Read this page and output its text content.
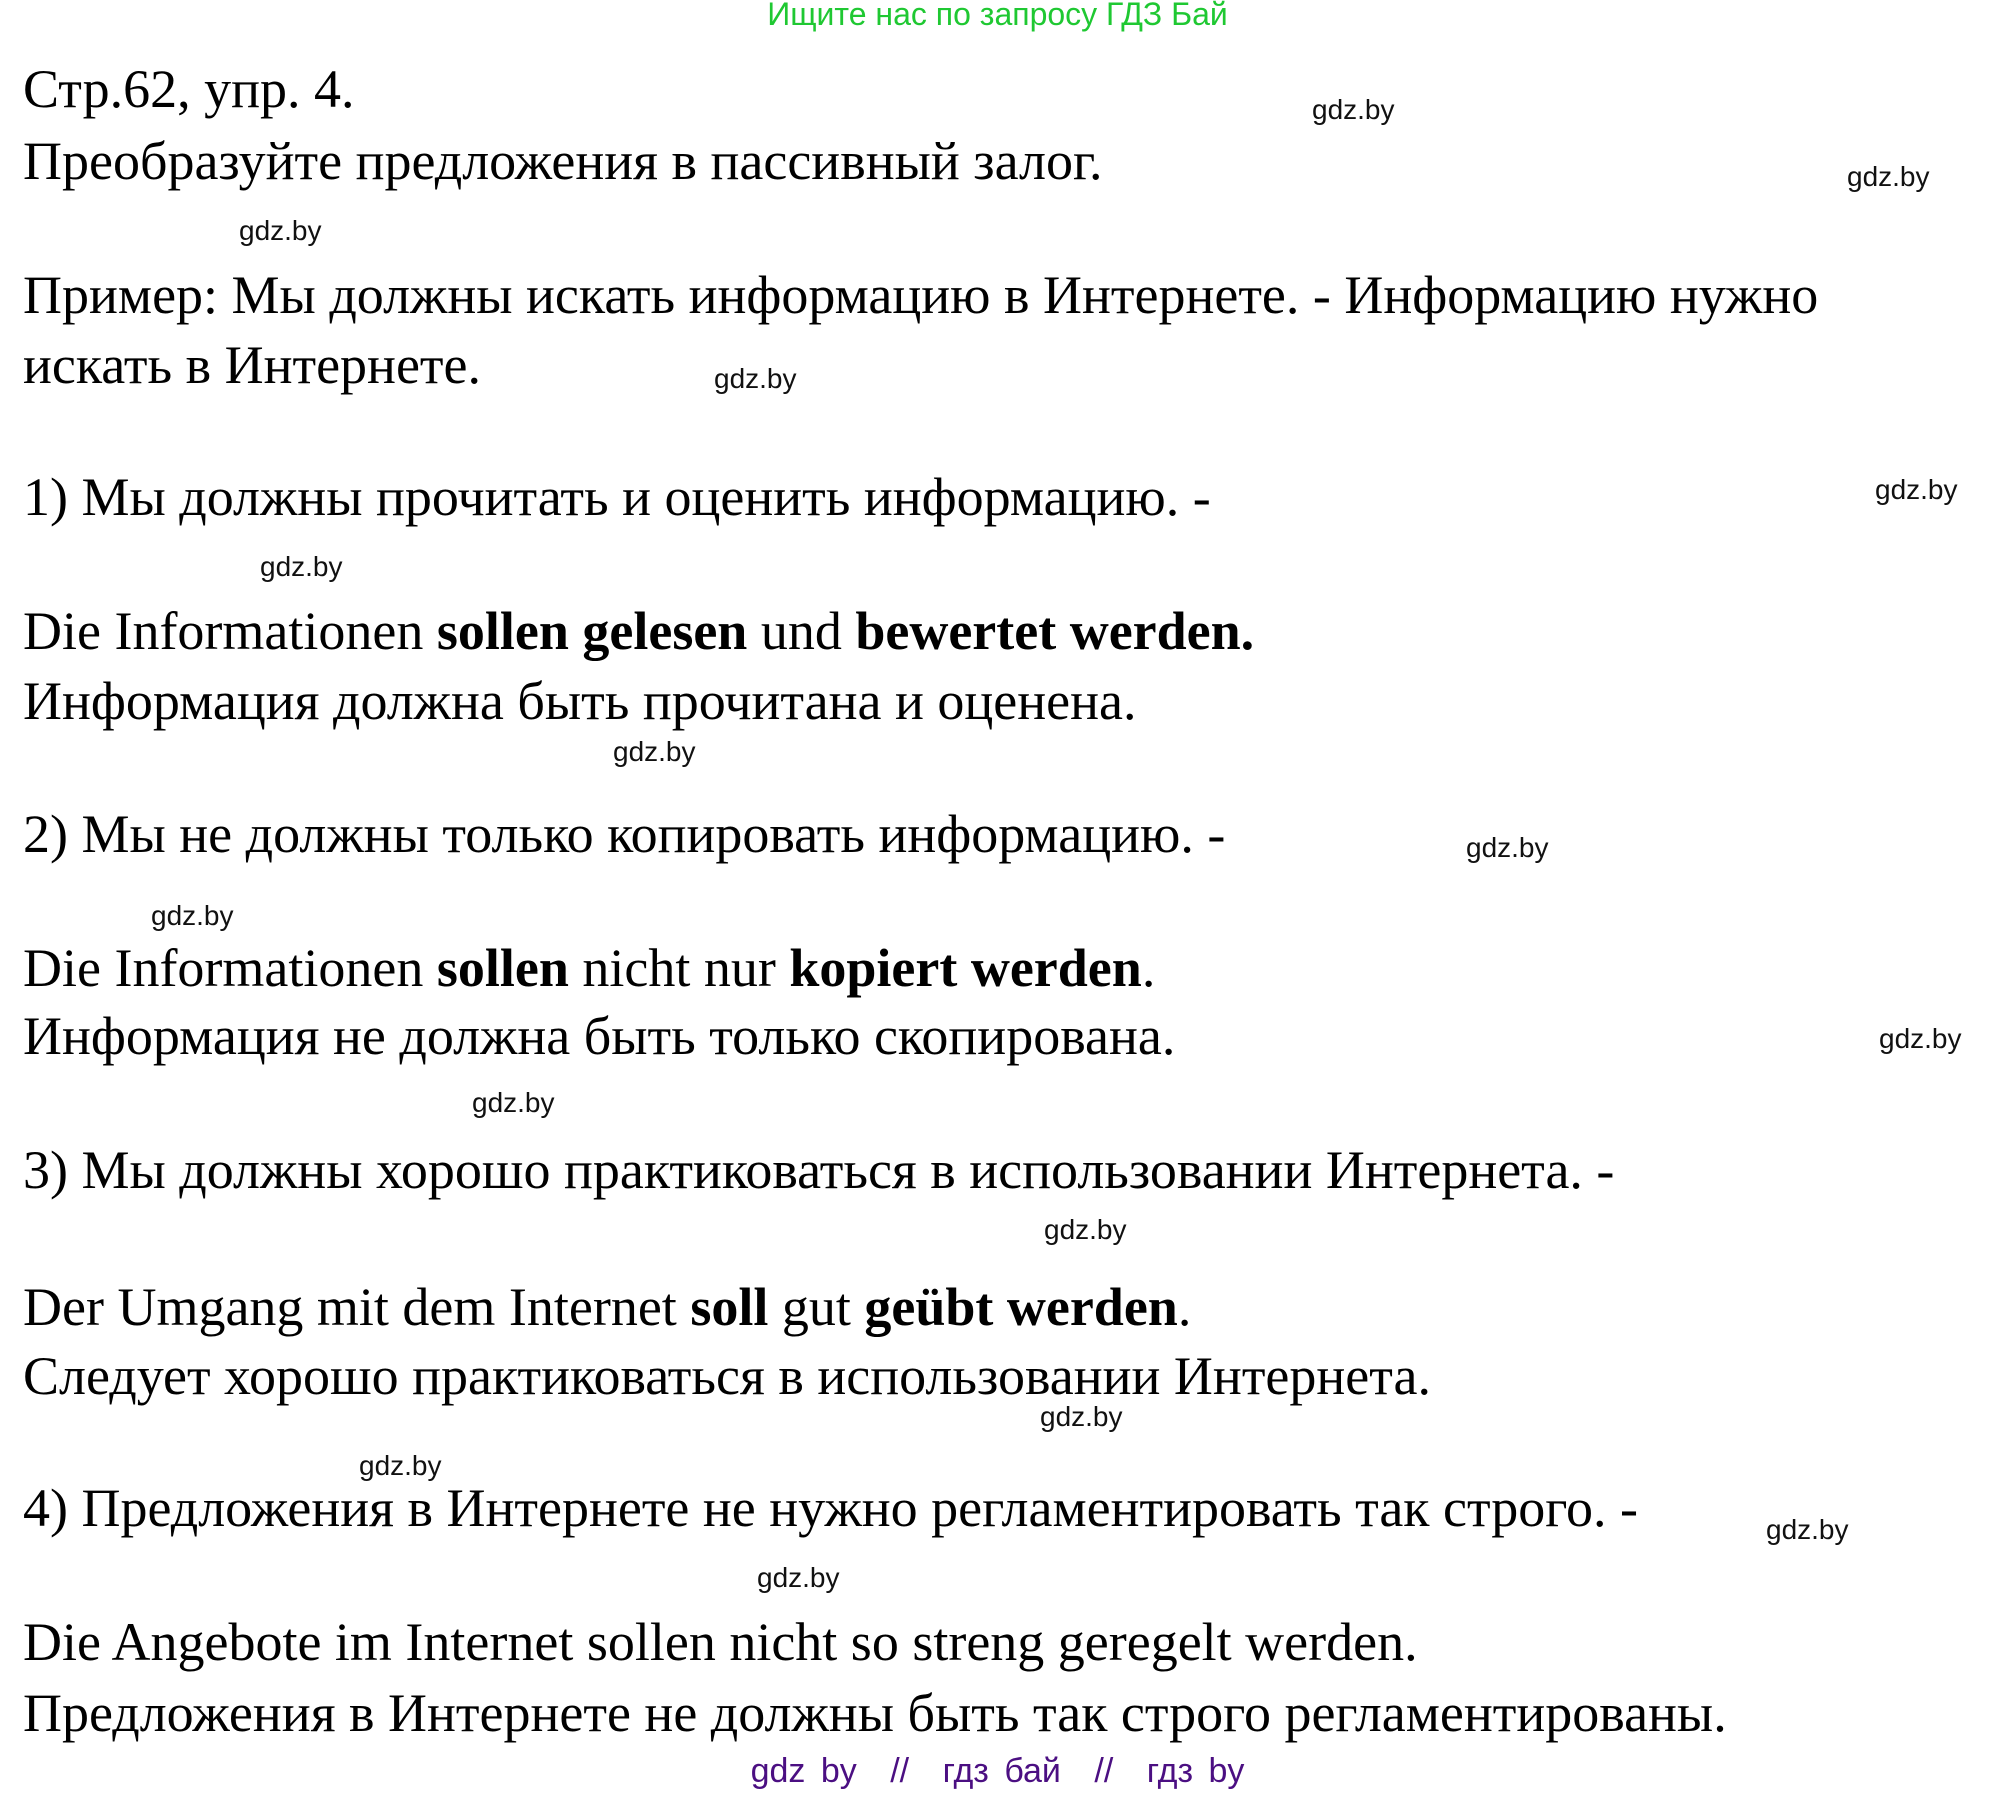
Ищите нас по запросу ГДЗ Бай
Стр.62, упр. 4.
Преобразуйте предложения в пассивный залог.
Пример: Мы должны искать информацию в Интернете. - Информацию нужно
искать в Интернете.
1) Мы должны прочитать и оценить информацию. -
Die Informationen sollen gelesen und bewertet werden.
Информация должна быть прочитана и оценена.
2) Мы не должны только копировать информацию. -
Die Informationen sollen nicht nur kopiert werden.
Информация не должна быть только скопирована.
3) Мы должны хорошо практиковаться в использовании Интернета. -
Der Umgang mit dem Internet soll gut geübt werden.
Следует хорошо практиковаться в использовании Интернета.
4) Предложения в Интернете не нужно регламентировать так строго. -
Die Angebote im Internet sollen nicht so streng geregelt werden.
Предложения в Интернете не должны быть так строго регламентированы.
gdz.by
gdz.by
gdz.by
gdz.by
gdz.by
gdz.by
gdz.by
gdz.by
gdz.by
gdz.by
gdz.by
gdz.by
gdz.by
gdz.by
gdz.by
gdz.by
gdz by // гдз бай // гдз by
